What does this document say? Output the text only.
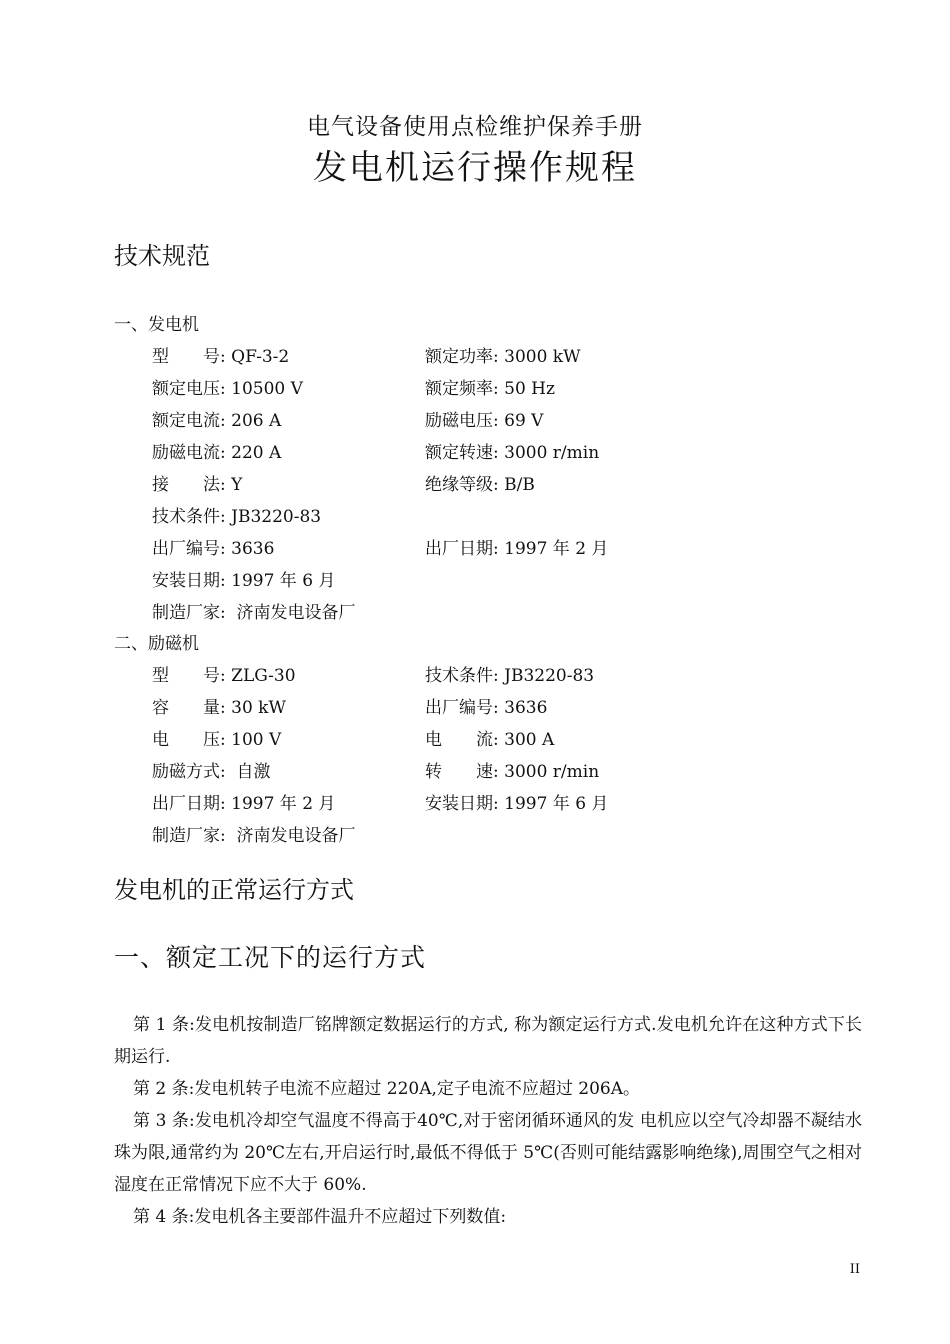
电气设备使用点检维护保养手册
发电机运行操作规程
技术规范
一、发电机
型　　号: QF-3-2	额定功率: 3000 kW
额定电压: 10500 V	额定频率: 50 Hz
额定电流: 206 A	励磁电压: 69 V
励磁电流: 220 A	额定转速: 3000 r/min
接　　法: Y	绝缘等级: B/B
技术条件: JB3220-83
出厂编号: 3636	出厂日期: 1997 年 2 月
安装日期: 1997 年 6 月
制造厂家:  济南发电设备厂
二、励磁机
型　　号: ZLG-30	技术条件: JB3220-83
容　　量: 30 kW	出厂编号: 3636
电　　压: 100 V	电　　流: 300 A
励磁方式:  自激	转　　速: 3000 r/min
出厂日期: 1997 年 2 月	安装日期: 1997 年 6 月
制造厂家:  济南发电设备厂
发电机的正常运行方式
一、额定工况下的运行方式

第 1 条:发电机按制造厂铭牌额定数据运行的方式, 称为额定运行方式.发电机允许在这种方式下长期运行.

第 2 条:发电机转子电流不应超过 220A,定子电流不应超过 206A。

第 3 条:发电机冷却空气温度不得高于40℃,对于密闭循环通风的发 电机应以空气冷却器不凝结水珠为限,通常约为 20℃左右,开启运行时,最低不得低于 5℃(否则可能结露影响绝缘),周围空气之相对湿度在正常情况下应不大于 60%.

第 4 条:发电机各主要部件温升不应超过下列数值:

II
